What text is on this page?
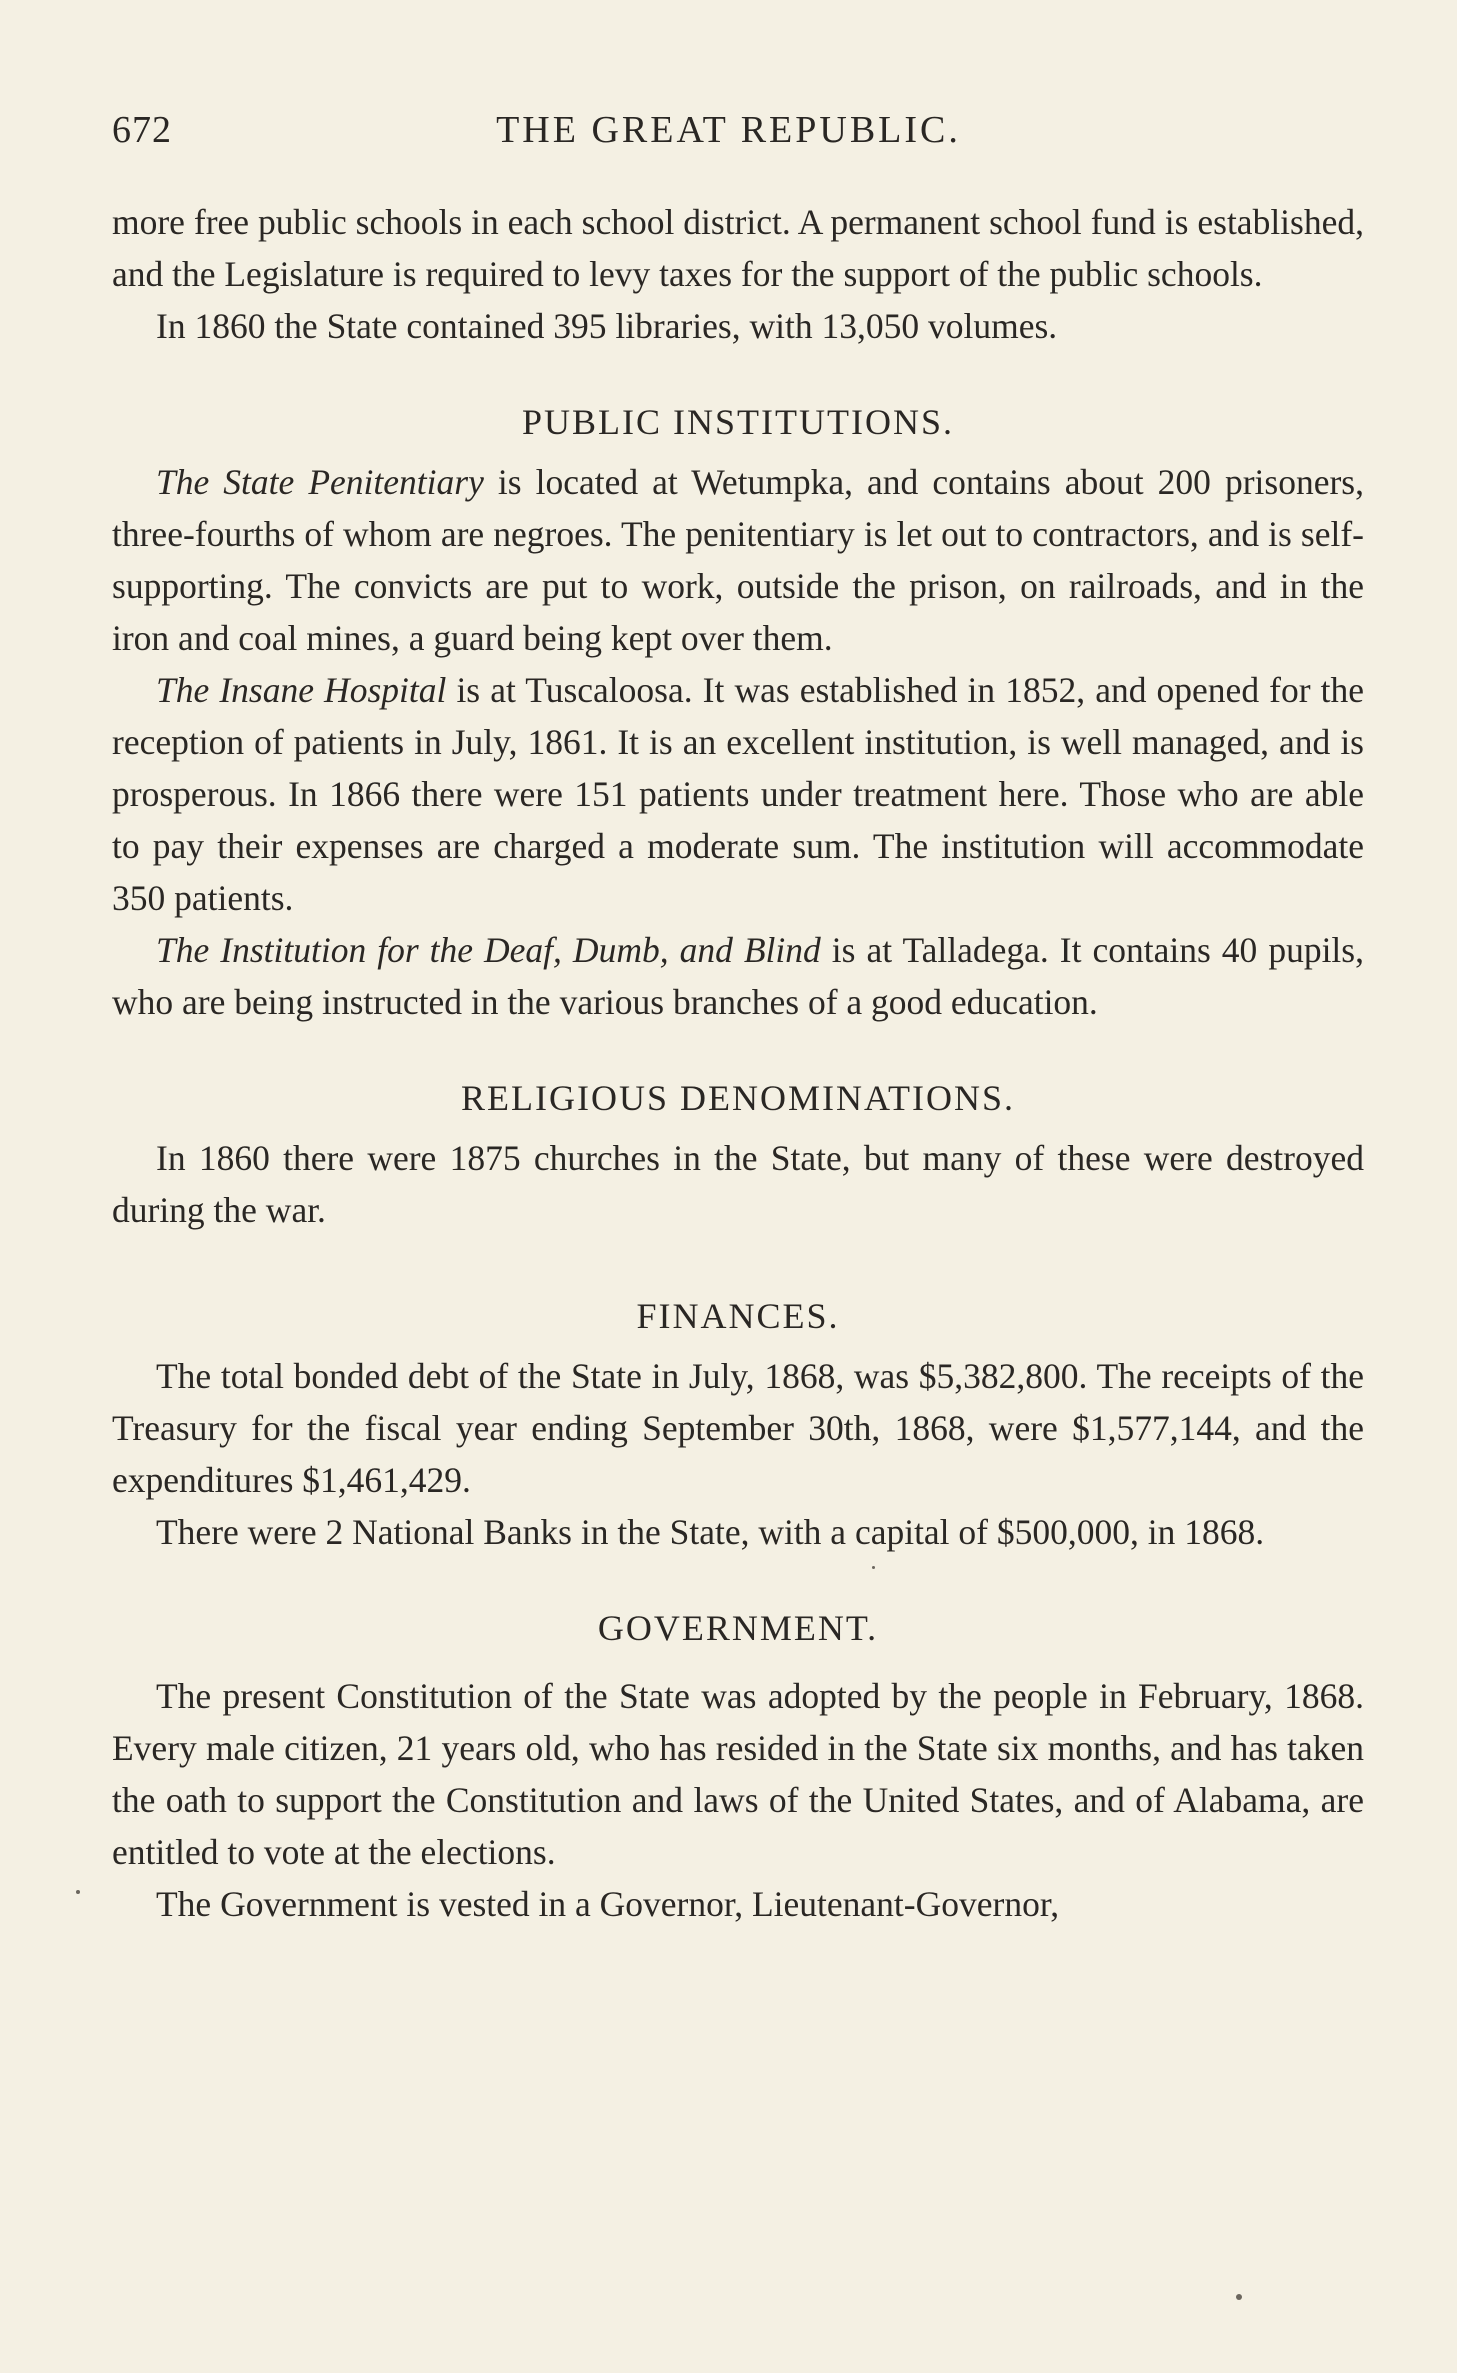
672	THE GREAT REPUBLIC.

more free public schools in each school district. A permanent school fund is established, and the Legislature is required to levy taxes for the support of the public schools.

In 1860 the State contained 395 libraries, with 13,050 volumes.

PUBLIC INSTITUTIONS.

The State Penitentiary is located at Wetumpka, and contains about 200 prisoners, three-fourths of whom are negroes. The penitentiary is let out to contractors, and is self-supporting. The convicts are put to work, outside the prison, on railroads, and in the iron and coal mines, a guard being kept over them.

The Insane Hospital is at Tuscaloosa. It was established in 1852, and opened for the reception of patients in July, 1861. It is an excellent institution, is well managed, and is prosperous. In 1866 there were 151 patients under treatment here. Those who are able to pay their expenses are charged a moderate sum. The institution will accommodate 350 patients.

The Institution for the Deaf, Dumb, and Blind is at Talladega. It contains 40 pupils, who are being instructed in the various branches of a good education.

RELIGIOUS DENOMINATIONS.

In 1860 there were 1875 churches in the State, but many of these were destroyed during the war.

FINANCES.

The total bonded debt of the State in July, 1868, was $5,382,800. The receipts of the Treasury for the fiscal year ending September 30th, 1868, were $1,577,144, and the expenditures $1,461,429.

There were 2 National Banks in the State, with a capital of $500,000, in 1868.

GOVERNMENT.

The present Constitution of the State was adopted by the people in February, 1868. Every male citizen, 21 years old, who has resided in the State six months, and has taken the oath to support the Constitution and laws of the United States, and of Alabama, are entitled to vote at the elections.

The Government is vested in a Governor, Lieutenant-Governor,
